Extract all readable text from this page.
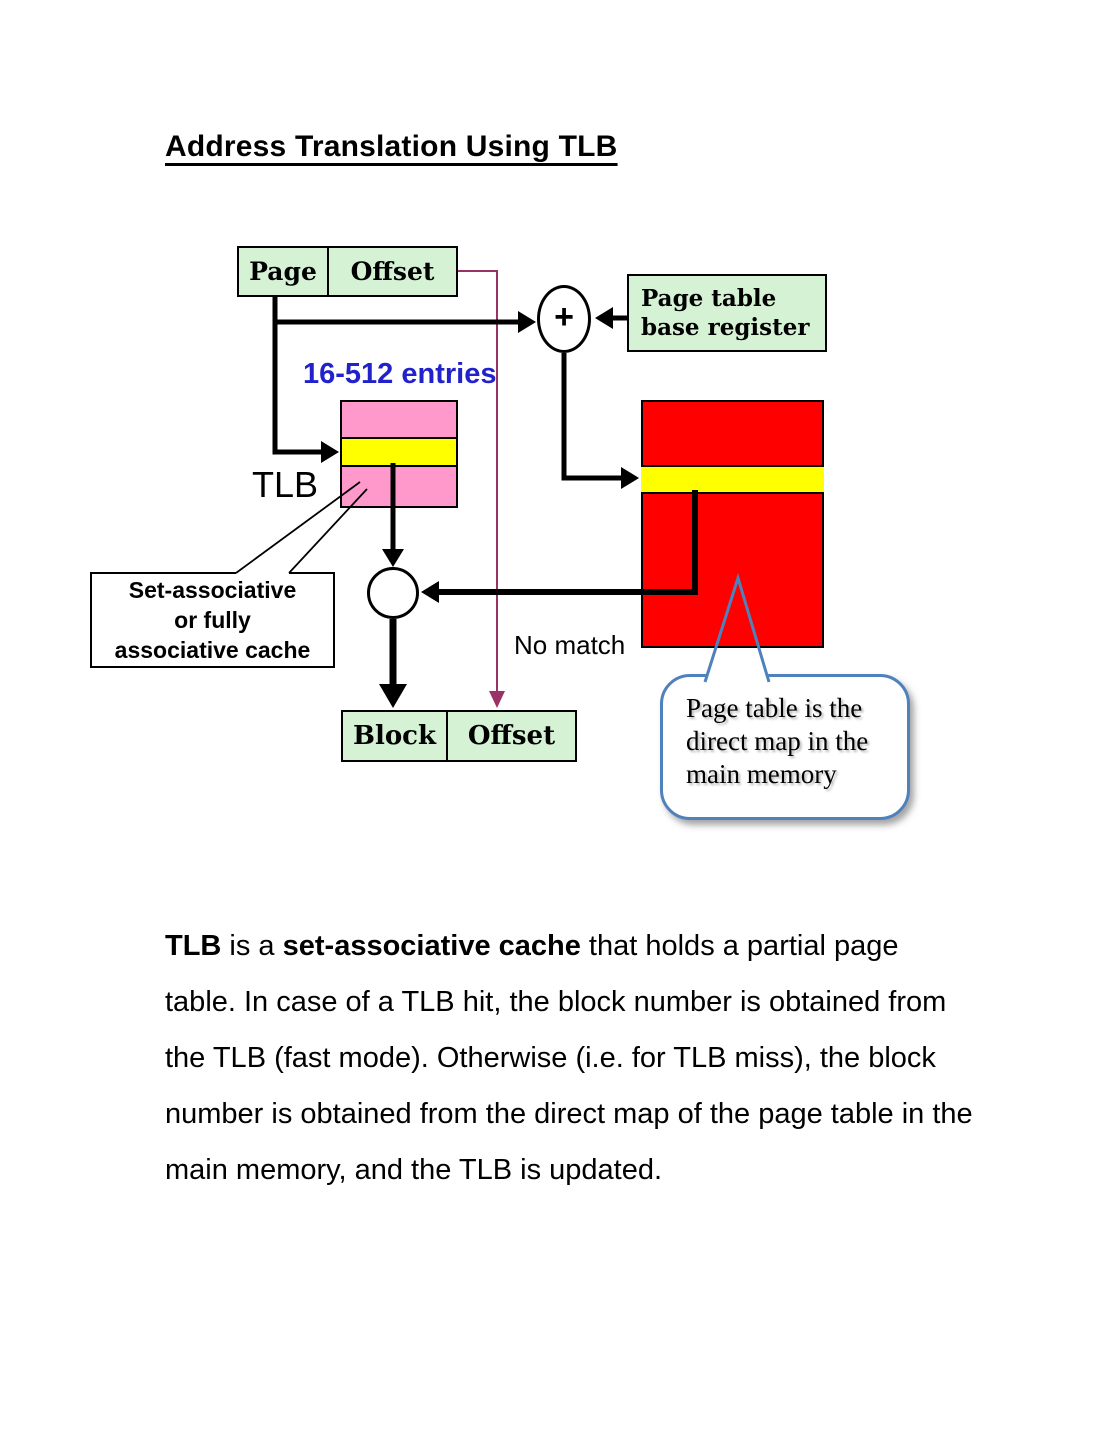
Address Translation Using TLB
Page	Offset
16-512 entries
TLB
+	Page table base register
Set-associative
or fully
associative cache	No match
Block	Offset
Page table is the direct map in the main memory

TLB is a set-associative cache that holds a partial page table. In case of a TLB hit, the block number is obtained from the TLB (fast mode). Otherwise (i.e. for TLB miss), the block number is obtained from the direct map of the page table in the main memory, and the TLB is updated.
